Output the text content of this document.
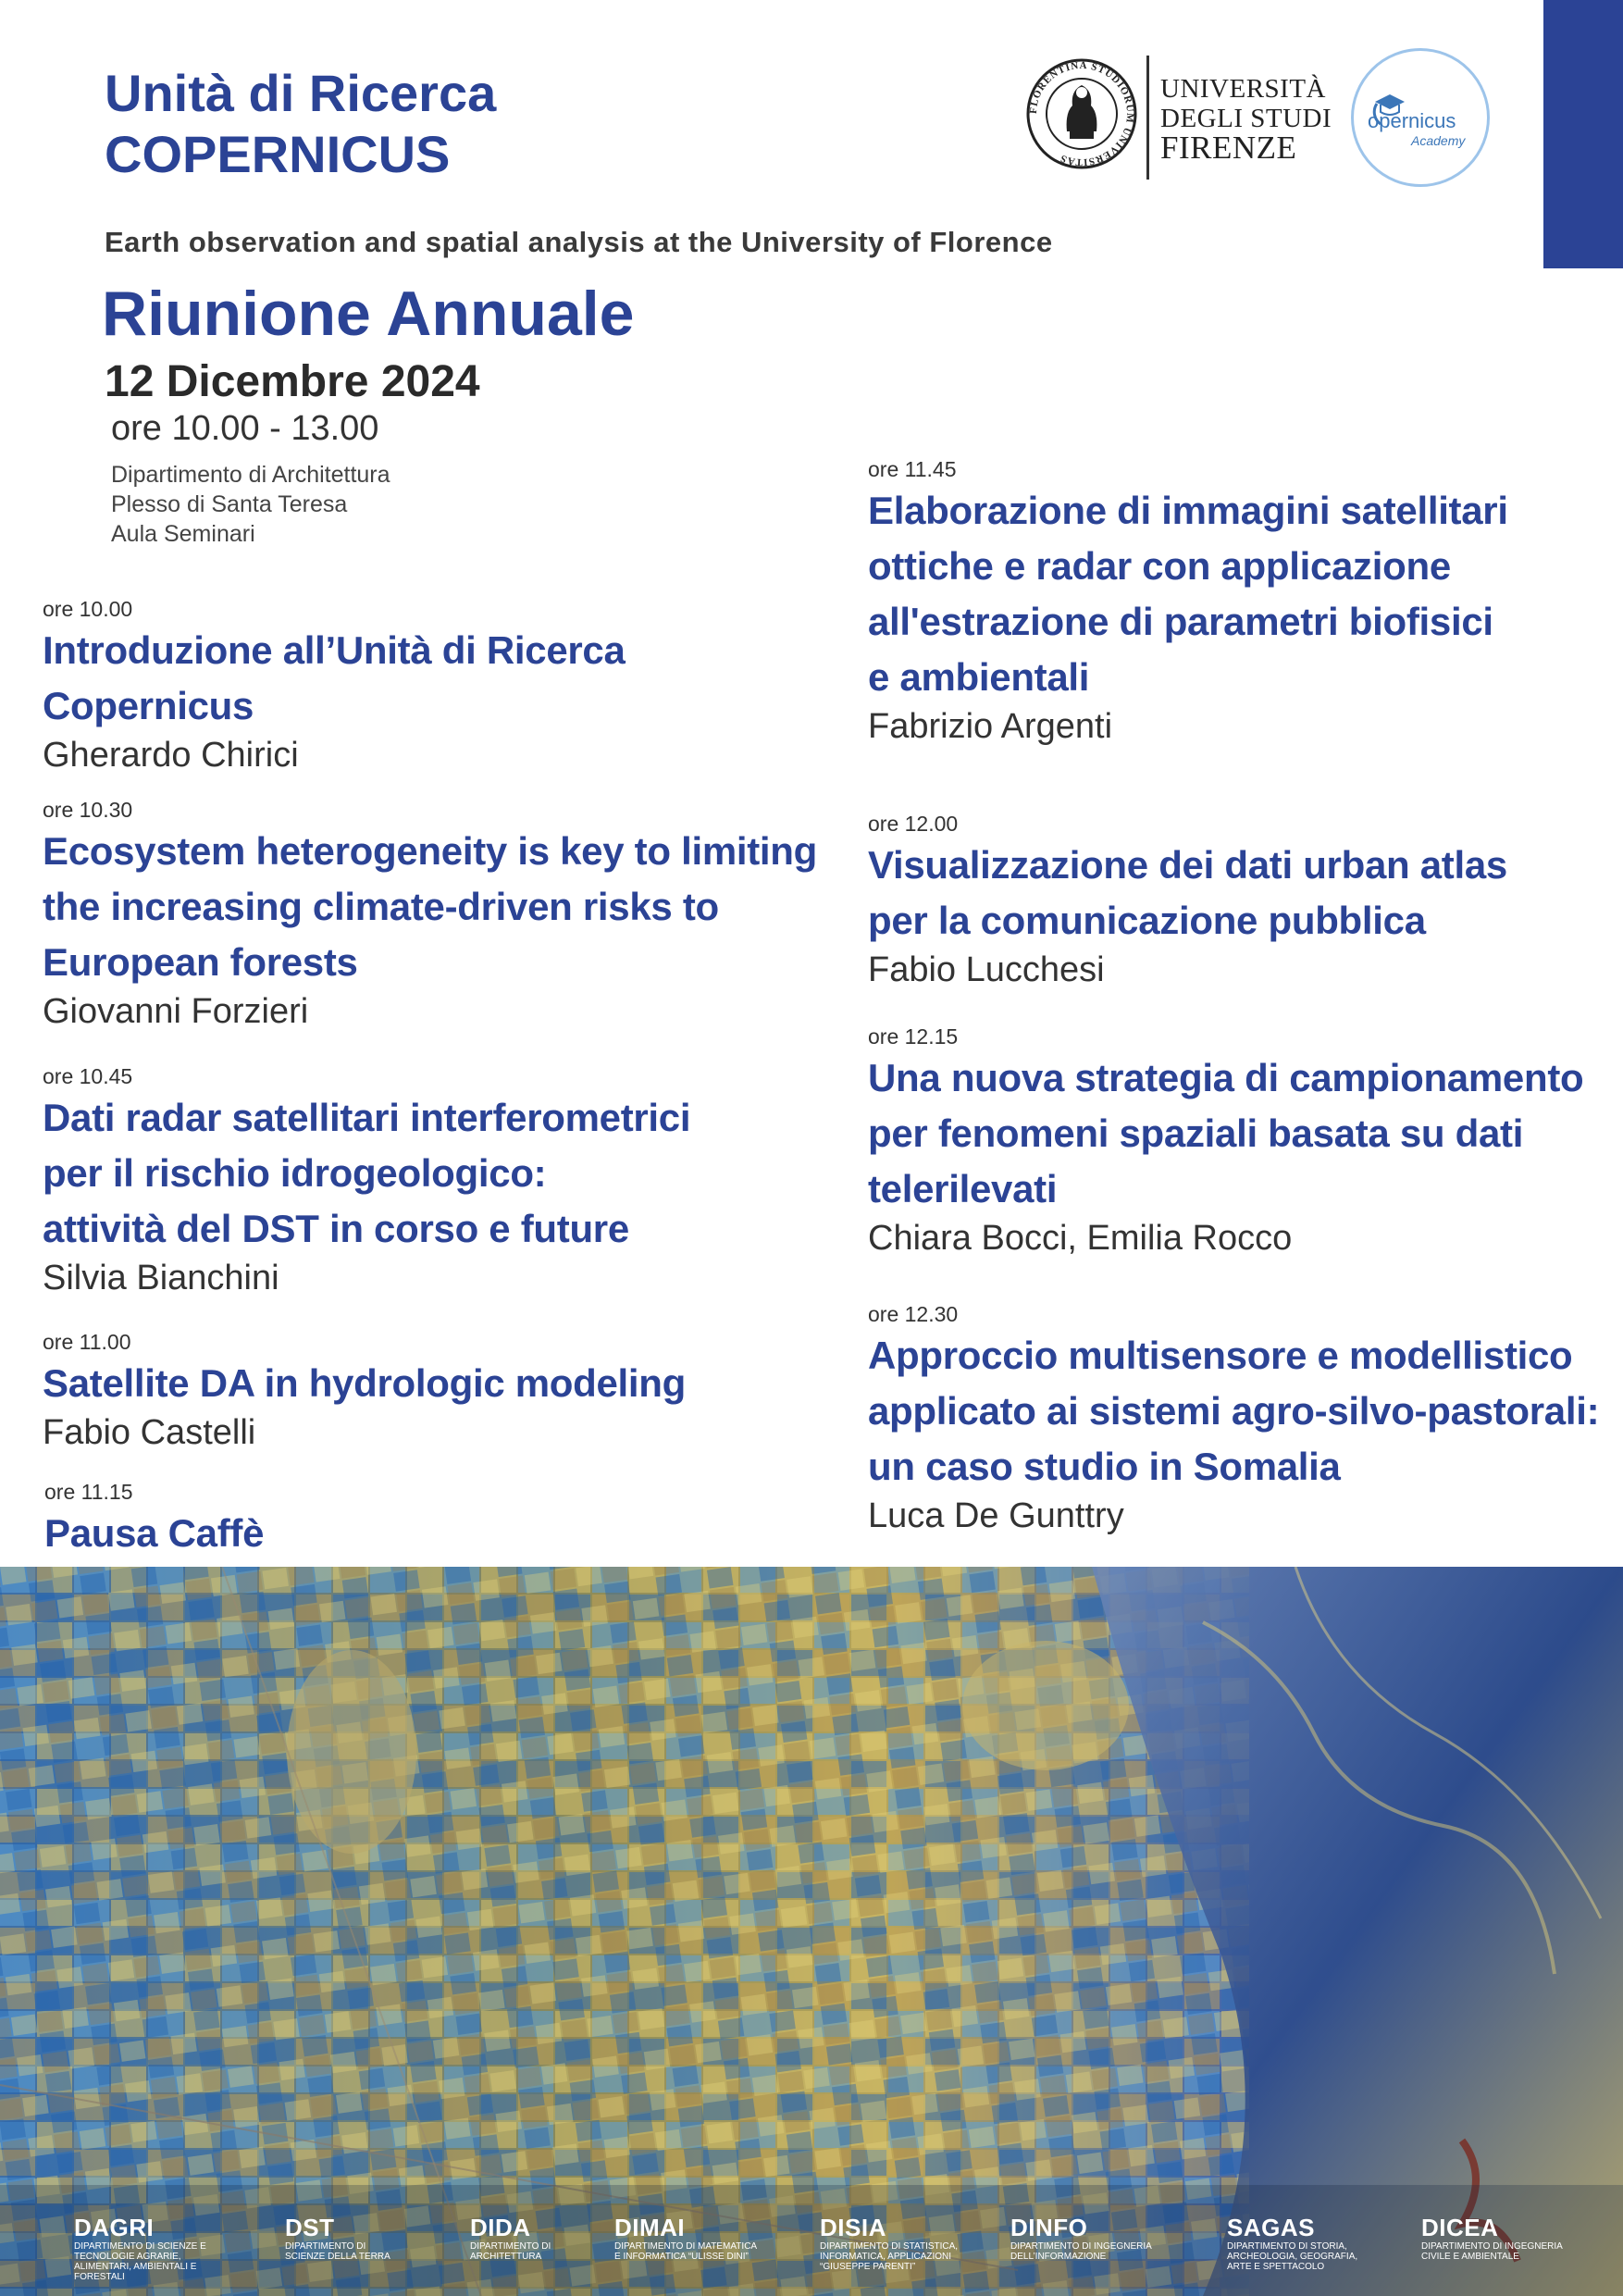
Unità di Ricerca
COPERNICUS
Earth observation and spatial analysis at the University of Florence
Riunione Annuale
12 Dicembre 2024
ore 10.00 - 13.00
Dipartimento di Architettura
Plesso di Santa Teresa
Aula Seminari
FLORENTINA STUDIORUM UNIVERSITAS
UNIVERSITÀ
DEGLI STUDI
FIRENZE
opernicus
Academy
ore 10.00
Introduzione all’Unità di Ricerca
Copernicus
Gherardo Chirici
ore 10.30
Ecosystem heterogeneity is key to limiting
the increasing climate-driven risks to
European forests
Giovanni Forzieri
ore 10.45
Dati radar satellitari interferometrici
per il rischio idrogeologico:
attività del DST in corso e future
Silvia Bianchini
ore 11.00
Satellite DA in hydrologic modeling
Fabio Castelli
ore 11.15
Pausa Caffè
ore 11.45
Elaborazione di immagini satellitari
ottiche e radar con applicazione
all'estrazione di parametri biofisici
e ambientali
Fabrizio Argenti
ore 12.00
Visualizzazione dei dati urban atlas
per la comunicazione pubblica
Fabio Lucchesi
ore 12.15
Una nuova strategia di campionamento
per fenomeni spaziali basata su dati
telerilevati
Chiara Bocci, Emilia Rocco
ore 12.30
Approccio multisensore e modellistico
applicato ai sistemi agro-silvo-pastorali:
un caso studio in Somalia
Luca De Gunttry
DAGRI
DIPARTIMENTO DI SCIENZE E TECNOLOGIE AGRARIE, ALIMENTARI, AMBIENTALI E FORESTALI
DST
DIPARTIMENTO DI SCIENZE DELLA TERRA
DIDA
DIPARTIMENTO DI ARCHITETTURA
DIMAI
DIPARTIMENTO DI MATEMATICA E INFORMATICA “ULISSE DINI”
DISIA
DIPARTIMENTO DI STATISTICA, INFORMATICA, APPLICAZIONI “GIUSEPPE PARENTI”
DINFO
DIPARTIMENTO DI INGEGNERIA DELL’INFORMAZIONE
SAGAS
DIPARTIMENTO DI STORIA, ARCHEOLOGIA, GEOGRAFIA, ARTE E SPETTACOLO
DICEA
DIPARTIMENTO DI INGEGNERIA CIVILE E AMBIENTALE
